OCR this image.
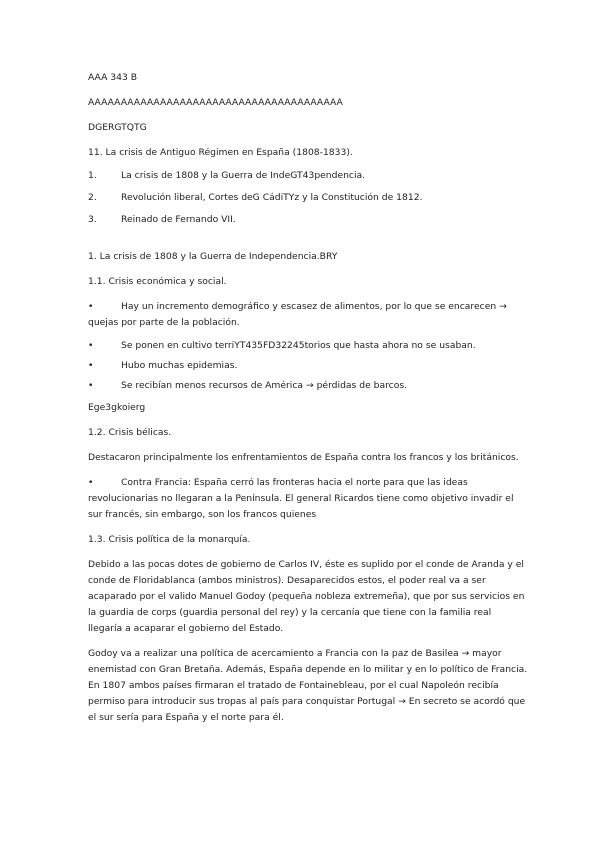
AAA 343 B

AAAAAAAAAAAAAAAAAAAAAAAAAAAAAAAAAAAAAAA

DGERGTQTG

11. La crisis de Antiguo Régimen en España (1808-1833).

1.	La crisis de 1808 y la Guerra de IndeGT43pendencia.
2.	Revolución liberal, Cortes deG CádiTYz y la Constitución de 1812.
3.	Reinado de Fernando VII.

1. La crisis de 1808 y la Guerra de Independencia.BRY

1.1. Crisis económica y social.

•	Hay un incremento demográfico y escasez de alimentos, por lo que se encarecen → quejas por parte de la población.

•	Se ponen en cultivo terriYT435FD32245torios que hasta ahora no se usaban.
•	Hubo muchas epidemias.
•	Se recibían menos recursos de América → pérdidas de barcos.

Ege3gkoierg

1.2. Crisis bélicas.

Destacaron principalmente los enfrentamientos de España contra los francos y los británicos.

•	Contra Francia: España cerró las fronteras hacia el norte para que las ideas revolucionarias no llegaran a la Península. El general Ricardos tiene como objetivo invadir el sur francés, sin embargo, son los francos quienes

1.3. Crisis política de la monarquía.

Debido a las pocas dotes de gobierno de Carlos IV, éste es suplido por el conde de Aranda y el conde de Floridablanca (ambos ministros). Desaparecidos estos, el poder real va a ser acaparado por el valido Manuel Godoy (pequeña nobleza extremeña), que por sus servicios en la guardia de corps (guardia personal del rey) y la cercanía que tiene con la familia real llegaría a acaparar el gobierno del Estado.

Godoy va a realizar una política de acercamiento a Francia con la paz de Basilea → mayor enemistad con Gran Bretaña. Además, España depende en lo militar y en lo político de Francia. En 1807 ambos países firmaran el tratado de Fontainebleau, por el cual Napoleón recibía permiso para introducir sus tropas al país para conquistar Portugal → En secreto se acordó que el sur sería para España y el norte para él.
